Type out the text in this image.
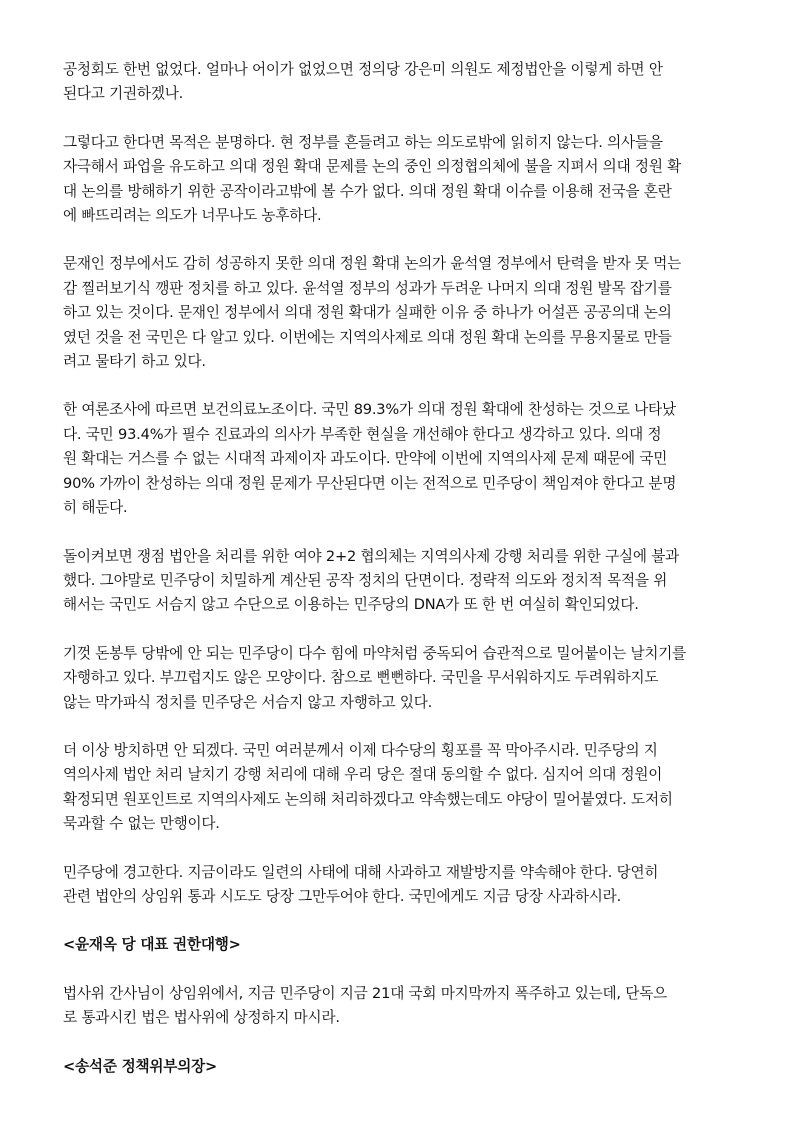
공청회도 한번 없었다. 얼마나 어이가 없었으면 정의당 강은미 의원도 제정법안을 이렇게 하면 안
된다고 기권하겠나.

그렇다고 한다면 목적은 분명하다. 현 정부를 흔들려고 하는 의도로밖에 읽히지 않는다. 의사들을
자극해서 파업을 유도하고 의대 정원 확대 문제를 논의 중인 의정협의체에 불을 지펴서 의대 정원 확
대 논의를 방해하기 위한 공작이라고밖에 볼 수가 없다. 의대 정원 확대 이슈를 이용해 전국을 혼란
에 빠뜨리려는 의도가 너무나도 농후하다.

문재인 정부에서도 감히 성공하지 못한 의대 정원 확대 논의가 윤석열 정부에서 탄력을 받자 못 먹는
감 찔러보기식 깽판 정치를 하고 있다. 윤석열 정부의 성과가 두려운 나머지 의대 정원 발목 잡기를
하고 있는 것이다. 문재인 정부에서 의대 정원 확대가 실패한 이유 중 하나가 어설픈 공공의대 논의
였던 것을 전 국민은 다 알고 있다. 이번에는 지역의사제로 의대 정원 확대 논의를 무용지물로 만들
려고 물타기 하고 있다.

한 여론조사에 따르면 보건의료노조이다. 국민 89.3%가 의대 정원 확대에 찬성하는 것으로 나타났
다. 국민 93.4%가 필수 진료과의 의사가 부족한 현실을 개선해야 한다고 생각하고 있다. 의대 정
원 확대는 거스를 수 없는 시대적 과제이자 과도이다. 만약에 이번에 지역의사제 문제 때문에 국민
90% 가까이 찬성하는 의대 정원 문제가 무산된다면 이는 전적으로 민주당이 책임져야 한다고 분명
히 해둔다.

돌이켜보면 쟁점 법안을 처리를 위한 여야 2+2 협의체는 지역의사제 강행 처리를 위한 구실에 불과
했다. 그야말로 민주당이 치밀하게 계산된 공작 정치의 단면이다. 정략적 의도와 정치적 목적을 위
해서는 국민도 서슴지 않고 수단으로 이용하는 민주당의 DNA가 또 한 번 여실히 확인되었다.

기껏 돈봉투 당밖에 안 되는 민주당이 다수 힘에 마약처럼 중독되어 습관적으로 밀어붙이는 날치기를
자행하고 있다. 부끄럽지도 않은 모양이다. 참으로 뻔뻔하다. 국민을 무서워하지도 두려워하지도
않는 막가파식 정치를 민주당은 서슴지 않고 자행하고 있다.

더 이상 방치하면 안 되겠다. 국민 여러분께서 이제 다수당의 횡포를 꼭 막아주시라. 민주당의 지
역의사제 법안 처리 날치기 강행 처리에 대해 우리 당은 절대 동의할 수 없다. 심지어 의대 정원이
확정되면 원포인트로 지역의사제도 논의해 처리하겠다고 약속했는데도 야당이 밀어붙였다. 도저히
묵과할 수 없는 만행이다.

민주당에 경고한다. 지금이라도 일련의 사태에 대해 사과하고 재발방지를 약속해야 한다. 당연히
관련 법안의 상임위 통과 시도도 당장 그만두어야 한다. 국민에게도 지금 당장 사과하시라.

<윤재옥 당 대표 권한대행>

법사위 간사님이 상임위에서, 지금 민주당이 지금 21대 국회 마지막까지 폭주하고 있는데, 단독으
로 통과시킨 법은 법사위에 상정하지 마시라.

<송석준 정책위부의장>
